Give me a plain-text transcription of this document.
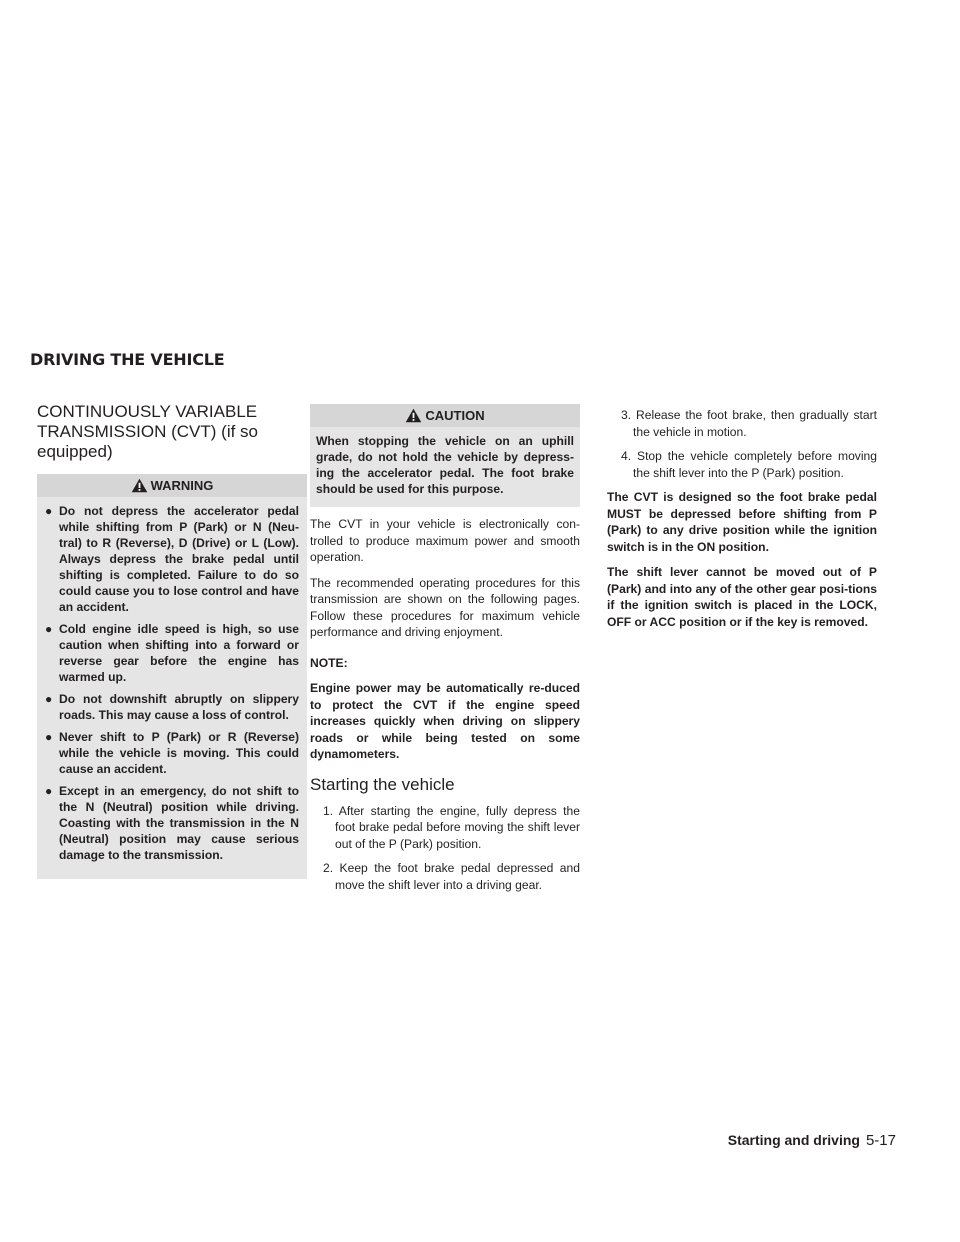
DRIVING THE VEHICLE
CONTINUOUSLY VARIABLE
TRANSMISSION (CVT) (if so
equipped)
WARNING
● Do not depress the accelerator pedal while shifting from P (Park) or N (Neu-tral) to R (Reverse), D (Drive) or L (Low). Always depress the brake pedal until shifting is completed. Failure to do so could cause you to lose control and have an accident.
● Cold engine idle speed is high, so use caution when shifting into a forward or reverse gear before the engine has warmed up.
● Do not downshift abruptly on slippery roads. This may cause a loss of control.
● Never shift to P (Park) or R (Reverse) while the vehicle is moving. This could cause an accident.
● Except in an emergency, do not shift to the N (Neutral) position while driving. Coasting with the transmission in the N (Neutral) position may cause serious damage to the transmission.
CAUTION
When stopping the vehicle on an uphill grade, do not hold the vehicle by depress-ing the accelerator pedal. The foot brake should be used for this purpose.

The CVT in your vehicle is electronically con-trolled to produce maximum power and smooth operation.

The recommended operating procedures for this transmission are shown on the following pages. Follow these procedures for maximum vehicle performance and driving enjoyment.

NOTE:

Engine power may be automatically re-duced to protect the CVT if the engine speed increases quickly when driving on slippery roads or while being tested on some dynamometers.

Starting the vehicle
1. After starting the engine, fully depress the foot brake pedal before moving the shift lever out of the P (Park) position.
2. Keep the foot brake pedal depressed and move the shift lever into a driving gear.
3. Release the foot brake, then gradually start the vehicle in motion.
4. Stop the vehicle completely before moving the shift lever into the P (Park) position.

The CVT is designed so the foot brake pedal MUST be depressed before shifting from P (Park) to any drive position while the ignition switch is in the ON position.

The shift lever cannot be moved out of P (Park) and into any of the other gear posi-tions if the ignition switch is placed in the LOCK, OFF or ACC position or if the key is removed.

Starting and driving 5-17
